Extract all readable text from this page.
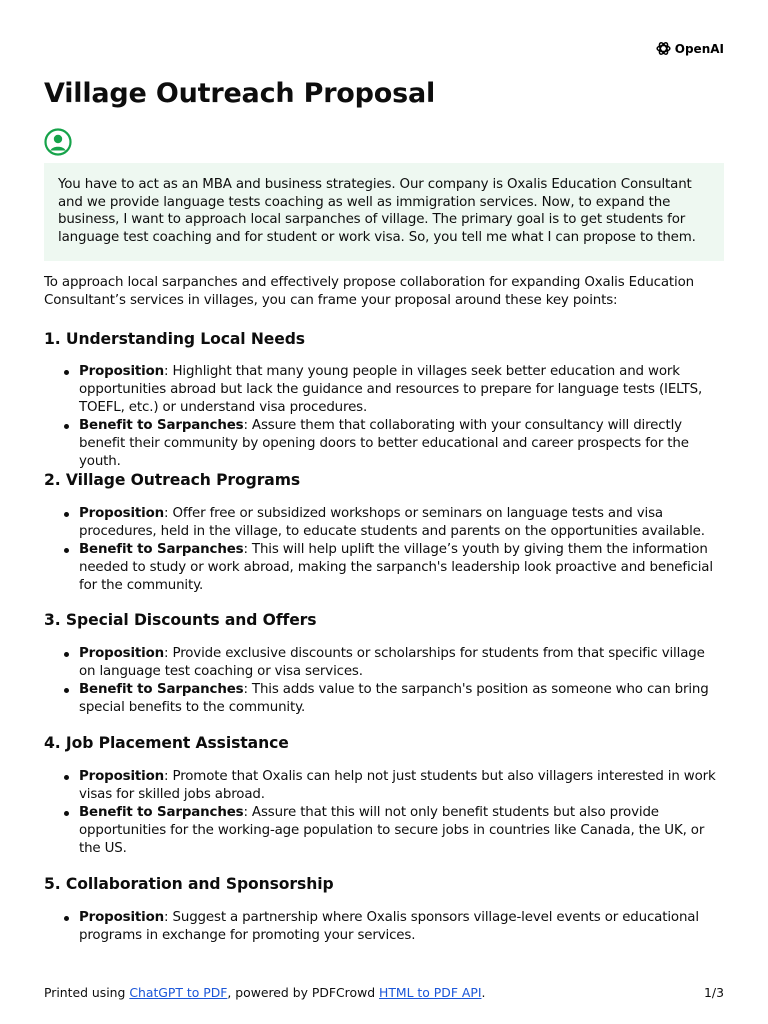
OpenAI
Village Outreach Proposal
You have to act as an MBA and business strategies. Our company is Oxalis Education Consultant and we provide language tests coaching as well as immigration services. Now, to expand the business, I want to approach local sarpanches of village. The primary goal is to get students for language test coaching and for student or work visa. So, you tell me what I can propose to them.

To approach local sarpanches and effectively propose collaboration for expanding Oxalis Education Consultant’s services in villages, you can frame your proposal around these key points:

1. Understanding Local Needs
Proposition: Highlight that many young people in villages seek better education and work opportunities abroad but lack the guidance and resources to prepare for language tests (IELTS, TOEFL, etc.) or understand visa procedures.
Benefit to Sarpanches: Assure them that collaborating with your consultancy will directly benefit their community by opening doors to better educational and career prospects for the youth.
2. Village Outreach Programs
Proposition: Offer free or subsidized workshops or seminars on language tests and visa procedures, held in the village, to educate students and parents on the opportunities available.
Benefit to Sarpanches: This will help uplift the village’s youth by giving them the information needed to study or work abroad, making the sarpanch's leadership look proactive and beneficial for the community.
3. Special Discounts and Offers
Proposition: Provide exclusive discounts or scholarships for students from that specific village on language test coaching or visa services.
Benefit to Sarpanches: This adds value to the sarpanch's position as someone who can bring special benefits to the community.
4. Job Placement Assistance
Proposition: Promote that Oxalis can help not just students but also villagers interested in work visas for skilled jobs abroad.
Benefit to Sarpanches: Assure that this will not only benefit students but also provide opportunities for the working-age population to secure jobs in countries like Canada, the UK, or the US.
5. Collaboration and Sponsorship
Proposition: Suggest a partnership where Oxalis sponsors village-level events or educational programs in exchange for promoting your services.
Printed using ChatGPT to PDF, powered by PDFCrowd HTML to PDF API.	1/3
